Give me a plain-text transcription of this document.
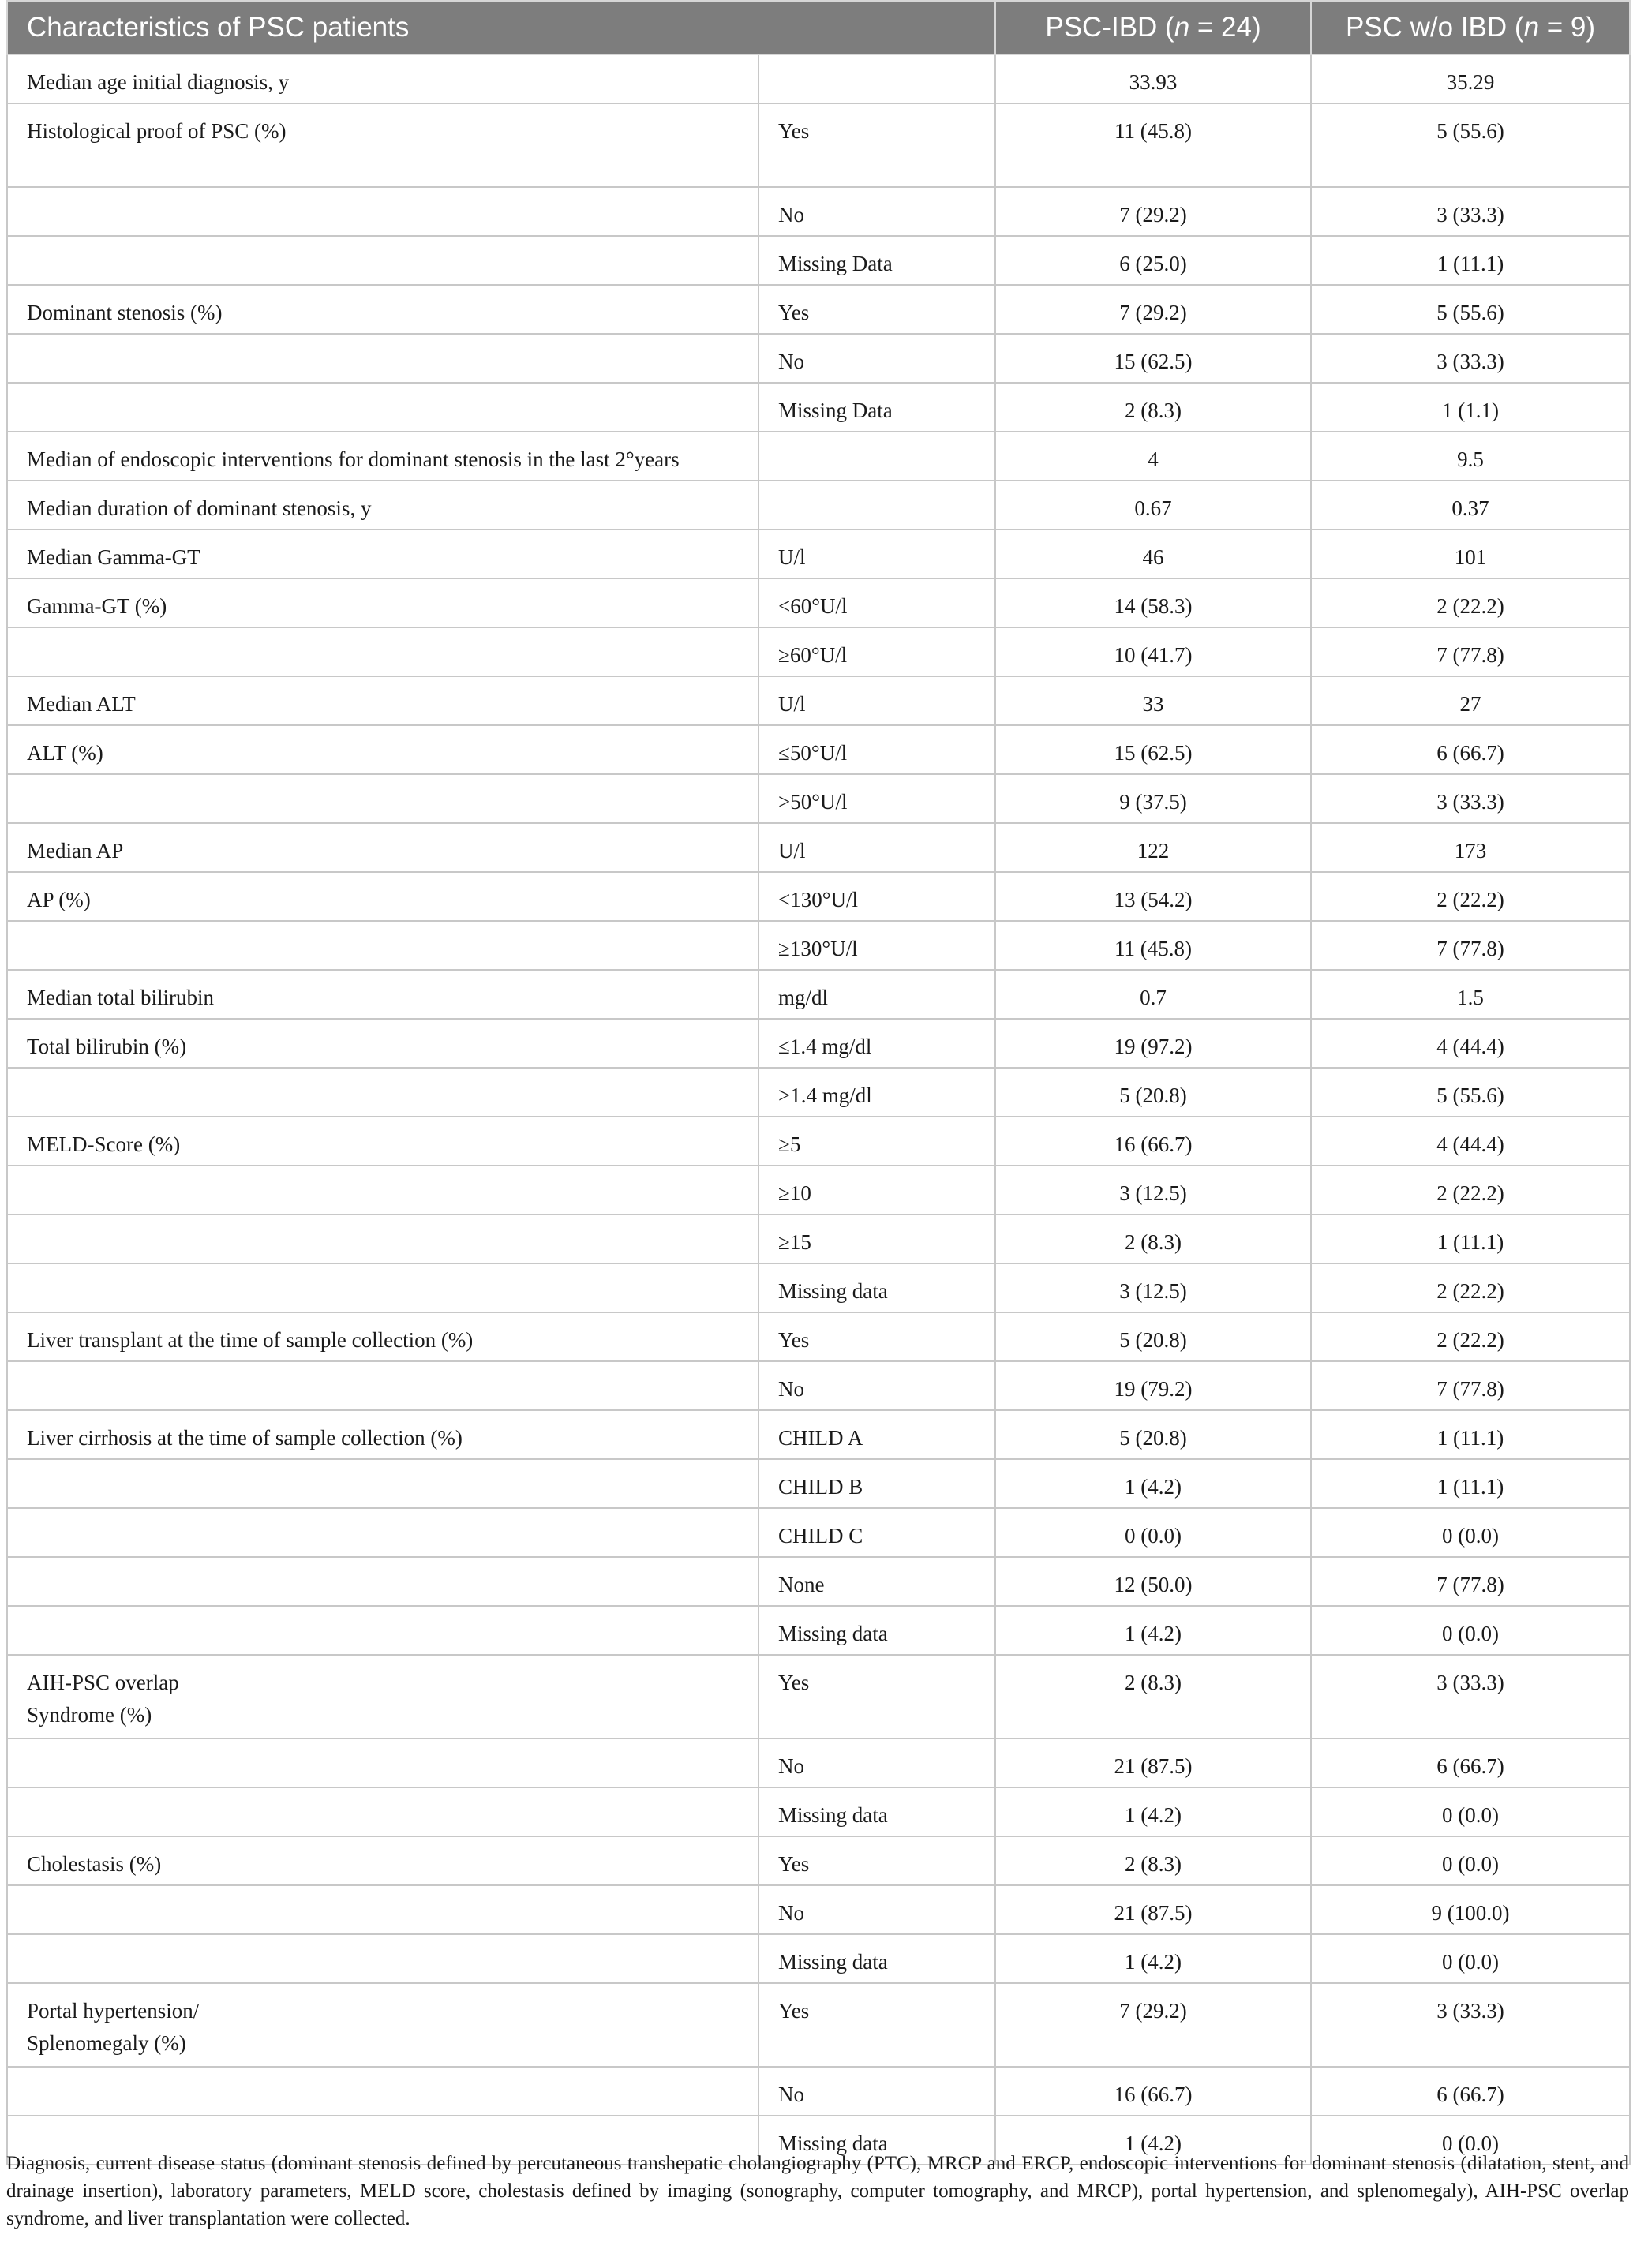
Characteristics of PSC patients		PSC-IBD (n = 24)	PSC w/o IBD (n = 9)
Median age initial diagnosis, y		33.93	35.29
Histological proof of PSC (%)	Yes	11 (45.8)	5 (55.6)
	No	7 (29.2)	3 (33.3)
	Missing Data	6 (25.0)	1 (11.1)
Dominant stenosis (%)	Yes	7 (29.2)	5 (55.6)
	No	15 (62.5)	3 (33.3)
	Missing Data	2 (8.3)	1 (1.1)
Median of endoscopic interventions for dominant stenosis in the last 2°years		4	9.5
Median duration of dominant stenosis, y		0.67	0.37
Median Gamma-GT	U/l	46	101
Gamma-GT (%)	<60°U/l	14 (58.3)	2 (22.2)
	≥60°U/l	10 (41.7)	7 (77.8)
Median ALT	U/l	33	27
ALT (%)	≤50°U/l	15 (62.5)	6 (66.7)
	>50°U/l	9 (37.5)	3 (33.3)
Median AP	U/l	122	173
AP (%)	<130°U/l	13 (54.2)	2 (22.2)
	≥130°U/l	11 (45.8)	7 (77.8)
Median total bilirubin	mg/dl	0.7	1.5
Total bilirubin (%)	≤1.4 mg/dl	19 (97.2)	4 (44.4)
	>1.4 mg/dl	5 (20.8)	5 (55.6)
MELD-Score (%)	≥5	16 (66.7)	4 (44.4)
	≥10	3 (12.5)	2 (22.2)
	≥15	2 (8.3)	1 (11.1)
	Missing data	3 (12.5)	2 (22.2)
Liver transplant at the time of sample collection (%)	Yes	5 (20.8)	2 (22.2)
	No	19 (79.2)	7 (77.8)
Liver cirrhosis at the time of sample collection (%)	CHILD A	5 (20.8)	1 (11.1)
	CHILD B	1 (4.2)	1 (11.1)
	CHILD C	0 (0.0)	0 (0.0)
	None	12 (50.0)	7 (77.8)
	Missing data	1 (4.2)	0 (0.0)
AIH-PSC overlap
Syndrome (%)	Yes	2 (8.3)	3 (33.3)
	No	21 (87.5)	6 (66.7)
	Missing data	1 (4.2)	0 (0.0)
Cholestasis (%)	Yes	2 (8.3)	0 (0.0)
	No	21 (87.5)	9 (100.0)
	Missing data	1 (4.2)	0 (0.0)
Portal hypertension/
Splenomegaly (%)	Yes	7 (29.2)	3 (33.3)
	No	16 (66.7)	6 (66.7)
	Missing data	1 (4.2)	0 (0.0)
Diagnosis, current disease status (dominant stenosis defined by percutaneous transhepatic cholangiography (PTC), MRCP and ERCP, endoscopic interventions for dominant stenosis (dilatation, stent, and drainage insertion), laboratory parameters, MELD score, cholestasis defined by imaging (sonography, computer tomography, and MRCP), portal hypertension, and splenomegaly), AIH-PSC overlap syndrome, and liver transplantation were collected.
